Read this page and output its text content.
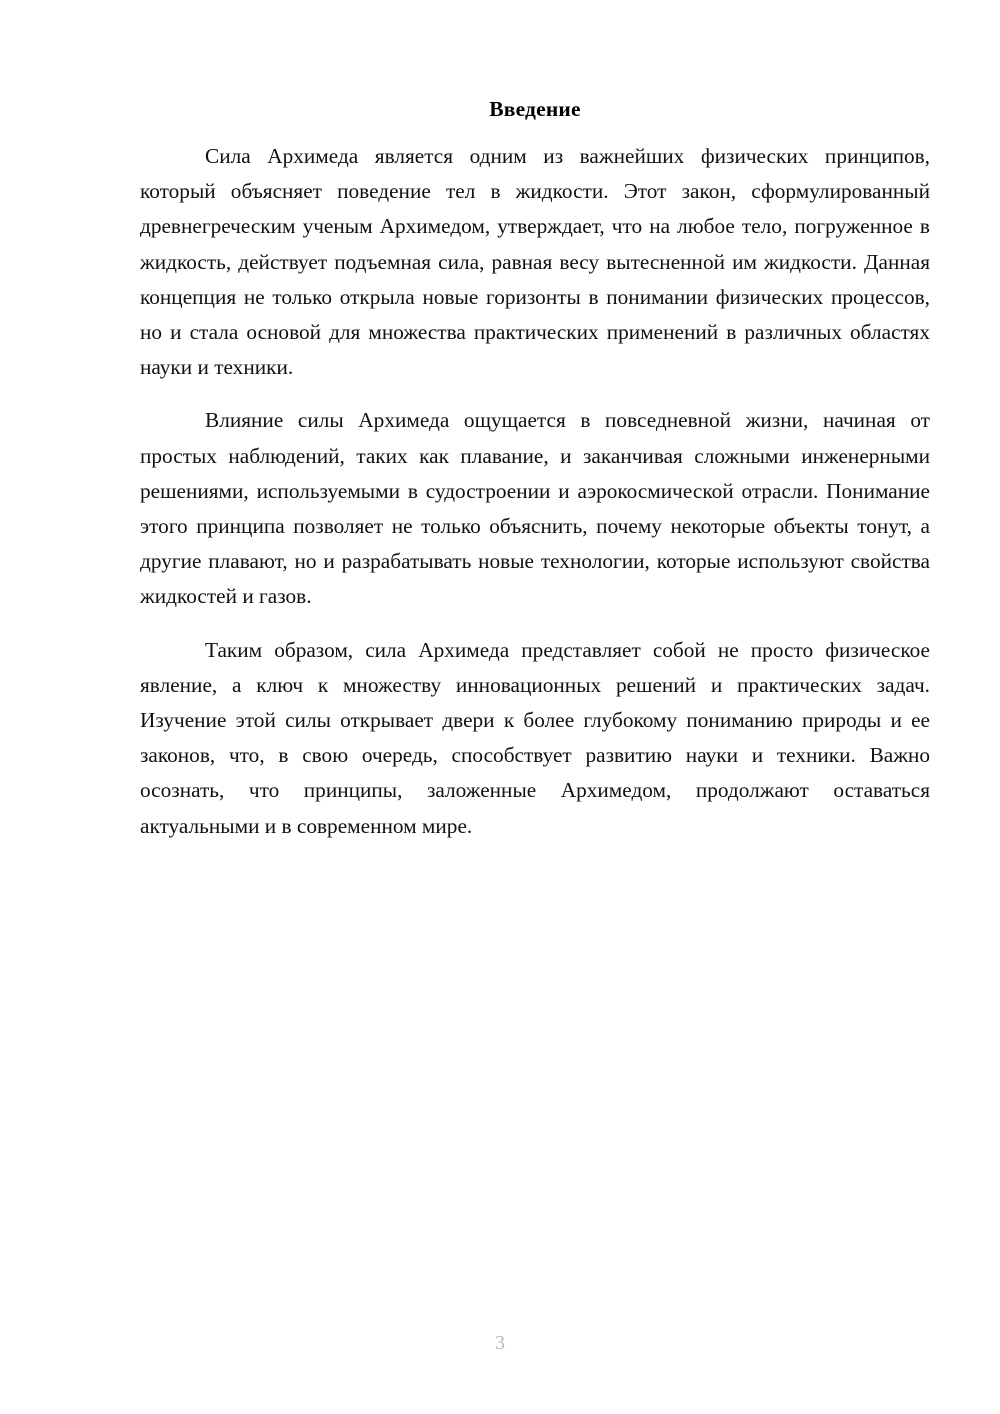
Введение

Сила Архимеда является одним из важнейших физических принципов, который объясняет поведение тел в жидкости. Этот закон, сформулированный древнегреческим ученым Архимедом, утверждает, что на любое тело, погруженное в жидкость, действует подъемная сила, равная весу вытесненной им жидкости. Данная концепция не только открыла новые горизонты в понимании физических процессов, но и стала основой для множества практических применений в различных областях науки и техники.

Влияние силы Архимеда ощущается в повседневной жизни, начиная от простых наблюдений, таких как плавание, и заканчивая сложными инженерными решениями, используемыми в судостроении и аэрокосмической отрасли. Понимание этого принципа позволяет не только объяснить, почему некоторые объекты тонут, а другие плавают, но и разрабатывать новые технологии, которые используют свойства жидкостей и газов.

Таким образом, сила Архимеда представляет собой не просто физическое явление, а ключ к множеству инновационных решений и практических задач. Изучение этой силы открывает двери к более глубокому пониманию природы и ее законов, что, в свою очередь, способствует развитию науки и техники. Важно осознать, что принципы, заложенные Архимедом, продолжают оставаться актуальными и в современном мире.

3
